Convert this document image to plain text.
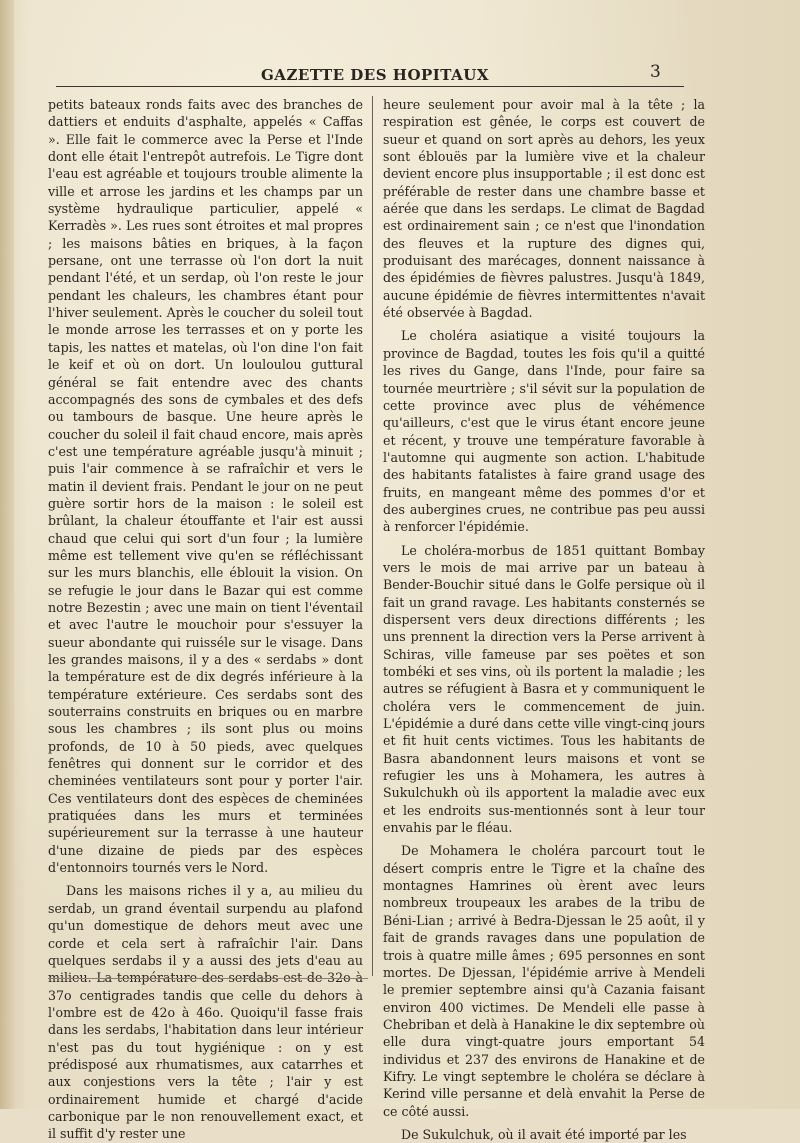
GAZETTE DES HOPITAUX	3

petits bateaux ronds faits avec des branches de dattiers et enduits d'asphalte, appelés « Caffas ». Elle fait le commerce avec la Perse et l'Inde dont elle était l'entrepôt autrefois. Le Tigre dont l'eau est agréable et toujours trouble alimente la ville et arrose les jardins et les champs par un système hydraulique particulier, appelé « Kerradès ». Les rues sont étroites et mal propres ; les maisons bâties en briques, à la façon persane, ont une terrasse où l'on dort la nuit pendant l'été, et un serdap, où l'on reste le jour pendant les chaleurs, les chambres étant pour l'hiver seulement. Après le coucher du soleil tout le monde arrose les terrasses et on y porte les tapis, les nattes et matelas, où l'on dine l'on fait le keif et où on dort. Un louloulou guttural général se fait entendre avec des chants accompagnés des sons de cymbales et des defs ou tambours de basque. Une heure après le coucher du soleil il fait chaud encore, mais après c'est une température agréable jusqu'à minuit ; puis l'air commence à se rafraîchir et vers le matin il devient frais. Pendant le jour on ne peut guère sortir hors de la maison : le soleil est brûlant, la chaleur étouffante et l'air est aussi chaud que celui qui sort d'un four ; la lumière même est tellement vive qu'en se réfléchissant sur les murs blanchis, elle éblouit la vision. On se refugie le jour dans le Bazar qui est comme notre Bezestin ; avec une main on tient l'éventail et avec l'autre le mouchoir pour s'essuyer la sueur abondante qui ruisséle sur le visage. Dans les grandes maisons, il y a des « serdabs » dont la température est de dix degrés inférieure à la température extérieure. Ces serdabs sont des souterrains construits en briques ou en marbre sous les chambres ; ils sont plus ou moins profonds, de 10 à 50 pieds, avec quelques fenêtres qui donnent sur le corridor et des cheminées ventilateurs sont pour y porter l'air. Ces ventilateurs dont des espèces de cheminées pratiquées dans les murs et terminées supérieurement sur la terrasse à une hauteur d'une dizaine de pieds par des espèces d'entonnoirs tournés vers le Nord.

Dans les maisons riches il y a, au milieu du serdab, un grand éventail surpendu au plafond qu'un domestique de dehors meut avec une corde et cela sert à rafraîchir l'air. Dans quelques serdabs il y a aussi des jets d'eau au milieu. La température des serdabs est de 32o à 37o centigrades tandis que celle du dehors à l'ombre est de 42o à 46o. Quoiqu'il fasse frais dans les serdabs, l'habitation dans leur intérieur n'est pas du tout hygiénique : on y est prédisposé aux rhumatismes, aux catarrhes et aux conjestions vers la tête ; l'air y est ordinairement humide et chargé d'acide carbonique par le non renouvellement exact, et il suffit d'y rester une

heure seulement pour avoir mal à la tête ; la respiration est gênée, le corps est couvert de sueur et quand on sort après au dehors, les yeux sont éblouës par la lumière vive et la chaleur devient encore plus insupportable ; il est donc est préférable de rester dans une chambre basse et aérée que dans les serdaps. Le climat de Bagdad est ordinairement sain ; ce n'est que l'inondation des fleuves et la rupture des dignes qui, produisant des marécages, donnent naissance à des épidémies de fièvres palustres. Jusqu'à 1849, aucune épidémie de fièvres intermittentes n'avait été observée à Bagdad.

Le choléra asiatique a visité toujours la province de Bagdad, toutes les fois qu'il a quitté les rives du Gange, dans l'Inde, pour faire sa tournée meurtrière ; s'il sévit sur la population de cette province avec plus de véhémence qu'ailleurs, c'est que le virus étant encore jeune et récent, y trouve une température favorable à l'automne qui augmente son action. L'habitude des habitants fatalistes à faire grand usage des fruits, en mangeant même des pommes d'or et des aubergines crues, ne contribue pas peu aussi à renforcer l'épidémie.

Le choléra-morbus de 1851 quittant Bombay vers le mois de mai arrive par un bateau à Bender-Bouchir situé dans le Golfe persique où il fait un grand ravage. Les habitants consternés se dispersent vers deux directions différents ; les uns prennent la direction vers la Perse arrivent à Schiras, ville fameuse par ses poëtes et son tombéki et ses vins, où ils portent la maladie ; les autres se réfugient à Basra et y communiquent le choléra vers le commencement de juin. L'épidémie a duré dans cette ville vingt-cinq jours et fit huit cents victimes. Tous les habitants de Basra abandonnent leurs maisons et vont se refugier les uns à Mohamera, les autres à Sukulchukh où ils apportent la maladie avec eux et les endroits sus-mentionnés sont à leur tour envahis par le fléau.

De Mohamera le choléra parcourt tout le désert compris entre le Tigre et la chaîne des montagnes Hamrines où èrent avec leurs nombreux troupeaux les arabes de la tribu de Béni-Lian ; arrivé à Bedra-Djessan le 25 août, il y fait de grands ravages dans une population de trois à quatre mille âmes ; 695 personnes en sont mortes. De Djessan, l'épidémie arrive à Mendeli le premier septembre ainsi qu'à Cazania faisant environ 400 victimes. De Mendeli elle passe à Chebriban et delà à Hanakine le dix septembre où elle dura vingt-quatre jours emportant 54 individus et 237 des environs de Hanakine et de Kifry. Le vingt septembre le choléra se déclare à Kerind ville persanne et delà envahit la Perse de ce côté aussi.

De Sukulchuk, où il avait été importé par les
